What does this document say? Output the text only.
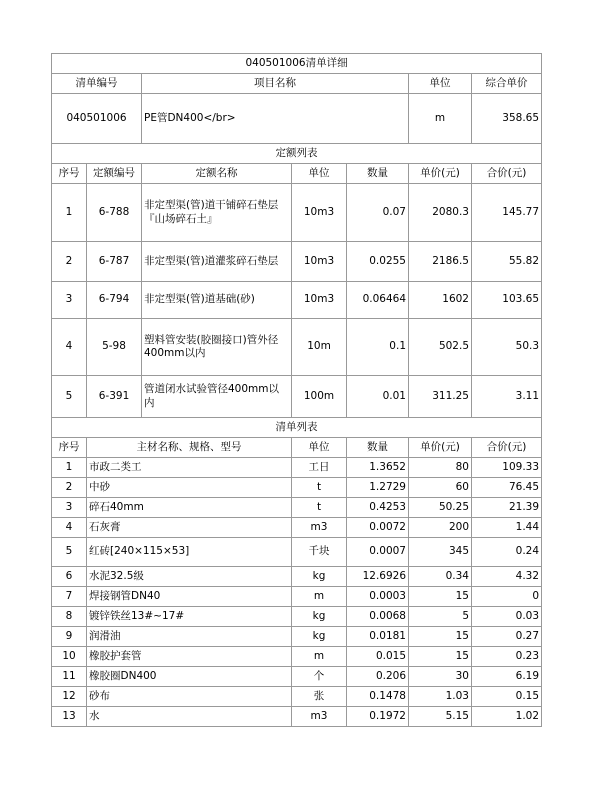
040501006清单详细						
清单编号		项目名称			单位	综合单价
040501006		PE管DN400</br>			m	358.65
定额列表						
序号	定额编号	定额名称	单位	数量	单价(元)	合价(元)
1	6-788	非定型渠(管)道干铺碎石垫层『山场碎石土』	10m3	0.07	2080.3	145.77
2	6-787	非定型渠(管)道灌浆碎石垫层	10m3	0.0255	2186.5	55.82
3	6-794	非定型渠(管)道基础(砂)	10m3	0.06464	1602	103.65
4	5-98	塑料管安装(胶圈接口)管外径400mm以内	10m	0.1	502.5	50.3
5	6-391	管道闭水试验管径400mm以内	100m	0.01	311.25	3.11
清单列表						
序号	主材名称、规格、型号		单位	数量	单价(元)	合价(元)
1	市政二类工		工日	1.3652	80	109.33
2	中砂		t	1.2729	60	76.45
3	碎石40mm		t	0.4253	50.25	21.39
4	石灰膏		m3	0.0072	200	1.44
5	红砖[240×115×53]		千块	0.0007	345	0.24
6	水泥32.5级		kg	12.6926	0.34	4.32
7	焊接钢管DN40		m	0.0003	15	0
8	镀锌铁丝13#~17#		kg	0.0068	5	0.03
9	润滑油		kg	0.0181	15	0.27
10	橡胶护套管		m	0.015	15	0.23
11	橡胶圈DN400		个	0.206	30	6.19
12	砂布		张	0.1478	1.03	0.15
13	水		m3	0.1972	5.15	1.02
